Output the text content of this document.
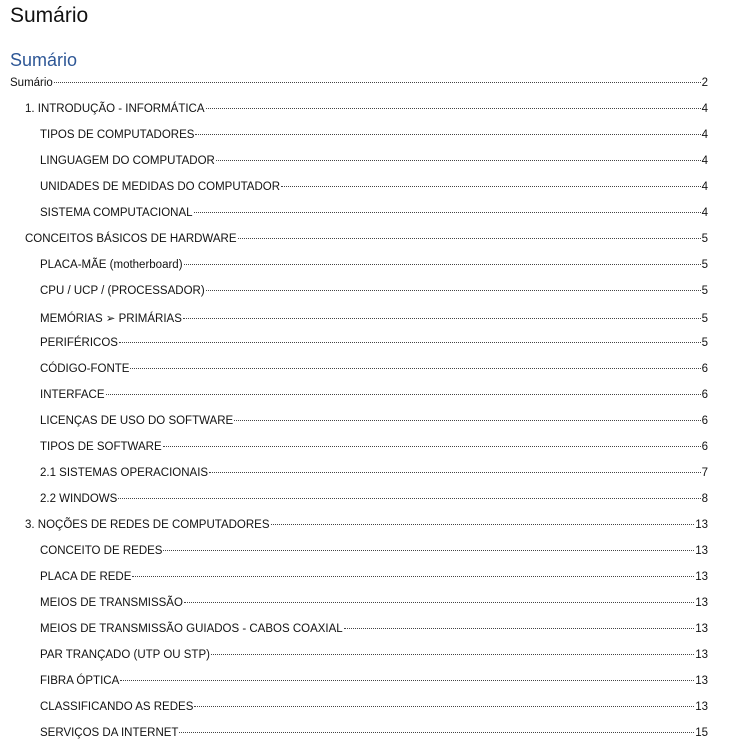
Sumário
Sumário
Sumário	2
1. INTRODUÇÃO - INFORMÁTICA	4
TIPOS DE COMPUTADORES	4
LINGUAGEM DO COMPUTADOR	4
UNIDADES DE MEDIDAS DO COMPUTADOR	4
SISTEMA COMPUTACIONAL	4
CONCEITOS BÁSICOS DE HARDWARE	5
PLACA-MÃE (motherboard)	5
CPU / UCP / (PROCESSADOR)	5
MEMÓRIAS ➢ PRIMÁRIAS	5
PERIFÉRICOS	5
CÓDIGO-FONTE	6
INTERFACE	6
LICENÇAS DE USO DO SOFTWARE	6
TIPOS DE SOFTWARE	6
2.1 SISTEMAS OPERACIONAIS	7
2.2 WINDOWS	8
3. NOÇÕES DE REDES DE COMPUTADORES	13
CONCEITO DE REDES	13
PLACA DE REDE	13
MEIOS DE TRANSMISSÃO	13
MEIOS DE TRANSMISSÃO GUIADOS - CABOS COAXIAL	13
PAR TRANÇADO (UTP OU STP)	13
FIBRA ÓPTICA	13
CLASSIFICANDO AS REDES	13
SERVIÇOS DA INTERNET	15
